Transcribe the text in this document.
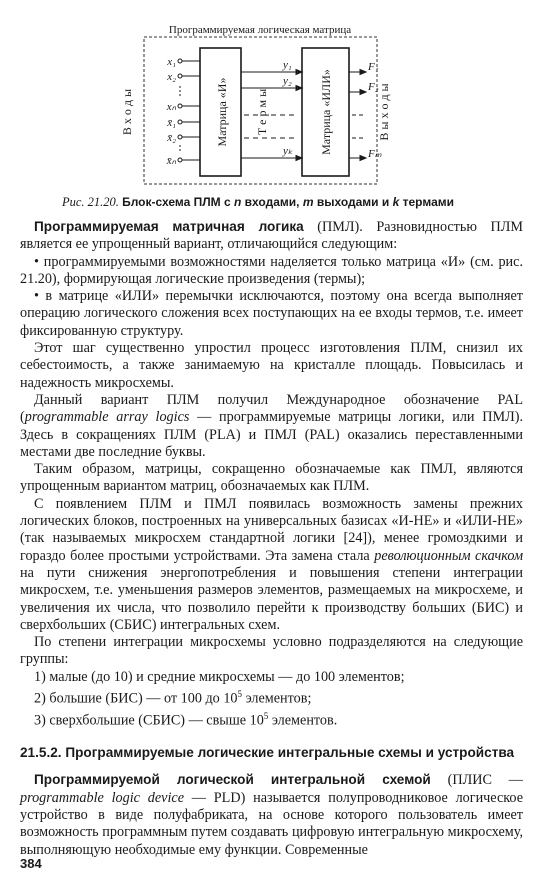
Программируемая логическая матрица
В х о д ы	В ы х о д ы
Матрица «И»	Матрица «ИЛИ»
Т е р м ы
x₁
x₂
xₙ
x̄₁
x̄₂
x̄ₙ
y₁
y₂
yₖ
F₁
F₂
Fₘ
Рис. 21.20. Блок-схема ПЛМ с n входами, m выходами и k термами

Программируемая матричная логика (ПМЛ). Разновидностью ПЛМ является ее упрощенный вариант, отличающийся следующим:

• программируемыми возможностями наделяется только матрица «И» (см. рис. 21.20), формирующая логические произведения (термы);

• в матрице «ИЛИ» перемычки исключаются, поэтому она всегда выполняет операцию логического сложения всех поступающих на ее входы термов, т.е. имеет фиксированную структуру.

Этот шаг существенно упростил процесс изготовления ПЛМ, снизил их себестоимость, а также занимаемую на кристалле площадь. Повысилась и надежность микросхемы.

Данный вариант ПЛМ получил Международное обозначение PAL (programmable array logics — программируемые матрицы логики, или ПМЛ). Здесь в сокращениях ПЛМ (PLA) и ПМЛ (PAL) оказались переставленными местами две последние буквы.

Таким образом, матрицы, сокращенно обозначаемые как ПМЛ, являются упрощенным вариантом матриц, обозначаемых как ПЛМ.

С появлением ПЛМ и ПМЛ появилась возможность замены прежних логических блоков, построенных на универсальных базисах «И-НЕ» и «ИЛИ-НЕ» (так называемых микросхем стандартной логики [24]), менее громоздкими и гораздо более простыми устройствами. Эта замена стала революционным скачком на пути снижения энергопотребления и повышения степени интеграции микросхем, т.е. уменьшения размеров элементов, размещаемых на микросхеме, и увеличения их числа, что позволило перейти к производству больших (БИС) и сверхбольших (СБИС) интегральных схем.

По степени интеграции микросхемы условно подразделяются на следующие группы:

1) малые (до 10) и средние микросхемы — до 100 элементов;

2) большие (БИС) — от 100 до $10^5$ элементов;

3) сверхбольшие (СБИС) — свыше $10^5$ элементов.

21.5.2. Программируемые логические интегральные схемы и устройства

Программируемой логической интегральной схемой (ПЛИС — programmable logic device — PLD) называется полупроводниковое логическое устройство в виде полуфабриката, на основе которого пользователь имеет возможность программным путем создавать цифровую интегральную микросхему, выполняющую необходимые ему функции. Современные

384
